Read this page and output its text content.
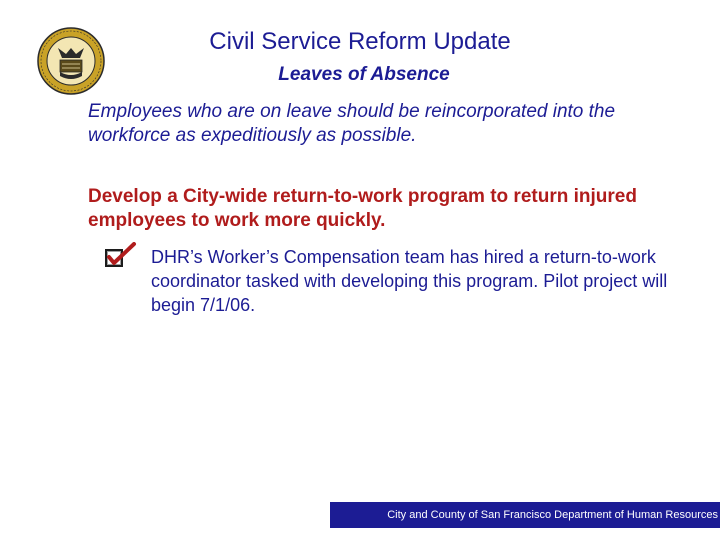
Civil Service Reform Update
Leaves of Absence

Employees who are on leave should be reincorporated into the workforce as expeditiously as possible.

Develop a City-wide return-to-work program to return injured employees to work more quickly.

DHR’s Worker’s Compensation team has hired a return-to-work coordinator tasked with developing this program. Pilot project will begin 7/1/06.

City and County of San Francisco Department of Human Resources
